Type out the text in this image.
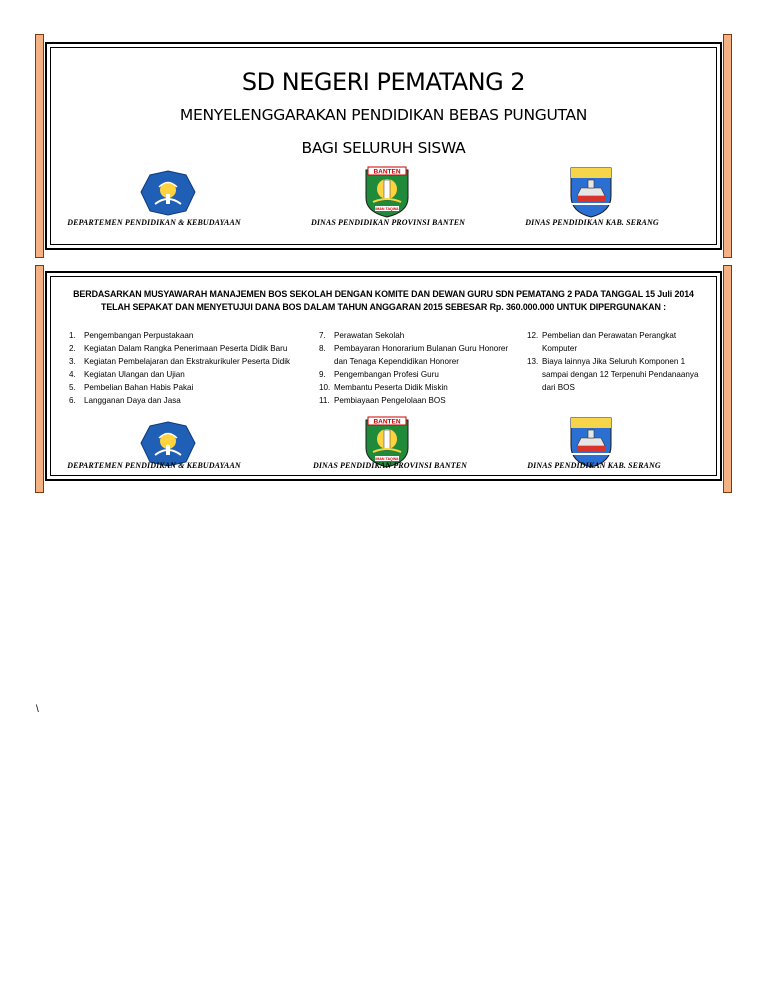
SD NEGERI PEMATANG 2
MENYELENGGARAKAN PENDIDIKAN BEBAS PUNGUTAN
BAGI SELURUH SISWA
BANTEN
IMAN TAQWA
DEPARTEMEN PENDIDIKAN & KEBUDAYAAN	DINAS PENDIDIKAN PROVINSI BANTEN	DINAS PENDIDIKAN KAB. SERANG
BERDASARKAN MUSYAWARAH MANAJEMEN BOS SEKOLAH DENGAN KOMITE DAN DEWAN GURU SDN PEMATANG 2 PADA TANGGAL 15 Juli 2014
TELAH SEPAKAT DAN MENYETUJUI DANA BOS DALAM TAHUN ANGGARAN 2015 SEBESAR Rp. 360.000.000 UNTUK DIPERGUNAKAN :
1. Pengembangan Perpustakaan
2. Kegiatan Dalam Rangka Penerimaan Peserta Didik Baru
3. Kegiatan Pembelajaran dan Ekstrakurikuler Peserta Didik
4. Kegiatan Ulangan dan Ujian
5. Pembelian Bahan Habis Pakai
6. Langganan Daya dan Jasa
7. Perawatan Sekolah
8. Pembayaran Honorarium Bulanan Guru Honorer
dan Tenaga Kependidikan Honorer
9. Pengembangan Profesi Guru
10. Membantu Peserta Didik Miskin
11. Pembiayaan Pengelolaan BOS
12. Pembelian dan Perawatan Perangkat
Komputer
13. Biaya lainnya Jika Seluruh Komponen 1
sampai dengan 12 Terpenuhi Pendanaanya
dari BOS
BANTEN
IMAN TAQWA
DEPARTEMEN PENDIDIKAN & KEBUDAYAAN	DINAS PENDIDIKAN PROVINSI BANTEN	DINAS PENDIDIKAN KAB. SERANG
\
